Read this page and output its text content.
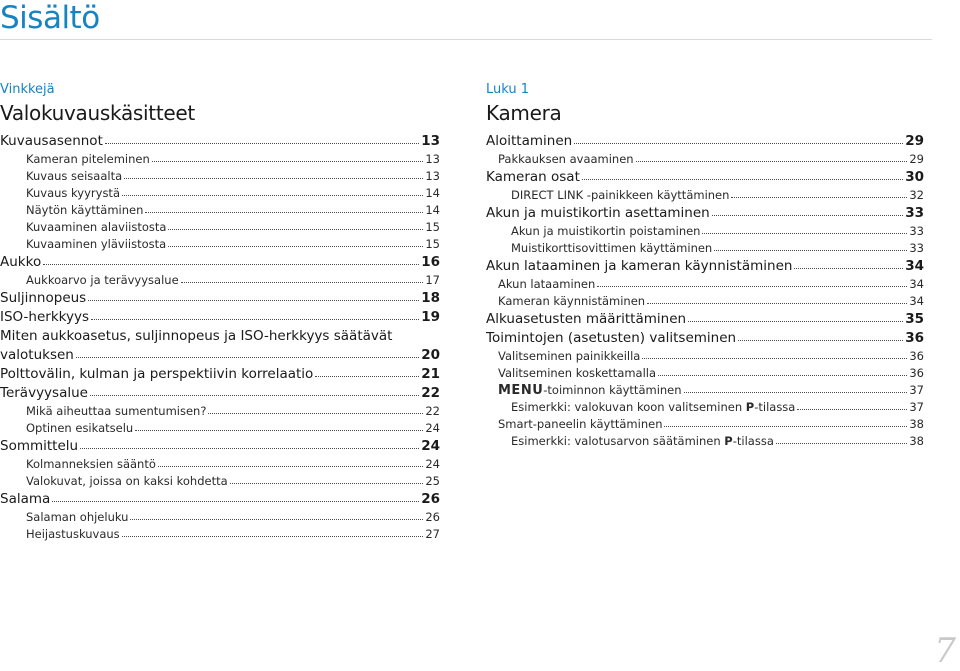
Sisältö
Vinkkejä
Valokuvauskäsitteet
Kuvausasennot	13
Kameran piteleminen	13
Kuvaus seisaalta	13
Kuvaus kyyrystä	14
Näytön käyttäminen	14
Kuvaaminen alaviistosta	15
Kuvaaminen yläviistosta	15
Aukko	16
Aukkoarvo ja terävyysalue	17
Suljinnopeus	18
ISO-herkkyys	19
Miten aukkoasetus, suljinnopeus ja ISO-herkkyys säätävät
valotuksen	20
Polttovälin, kulman ja perspektiivin korrelaatio	21
Terävyysalue	22
Mikä aiheuttaa sumentumisen?	22
Optinen esikatselu	24
Sommittelu	24
Kolmanneksien sääntö	24
Valokuvat, joissa on kaksi kohdetta	25
Salama	26
Salaman ohjeluku	26
Heijastuskuvaus	27
Luku 1
Kamera
Aloittaminen	29
Pakkauksen avaaminen	29
Kameran osat	30
DIRECT LINK -painikkeen käyttäminen	32
Akun ja muistikortin asettaminen	33
Akun ja muistikortin poistaminen	33
Muistikorttisovittimen käyttäminen	33
Akun lataaminen ja kameran käynnistäminen	34
Akun lataaminen	34
Kameran käynnistäminen	34
Alkuasetusten määrittäminen	35
Toimintojen (asetusten) valitseminen	36
Valitseminen painikkeilla	36
Valitseminen koskettamalla	36
MENU-toiminnon käyttäminen	37
Esimerkki: valokuvan koon valitseminen P-tilassa	37
Smart-paneelin käyttäminen	38
Esimerkki: valotusarvon säätäminen P-tilassa	38
7
